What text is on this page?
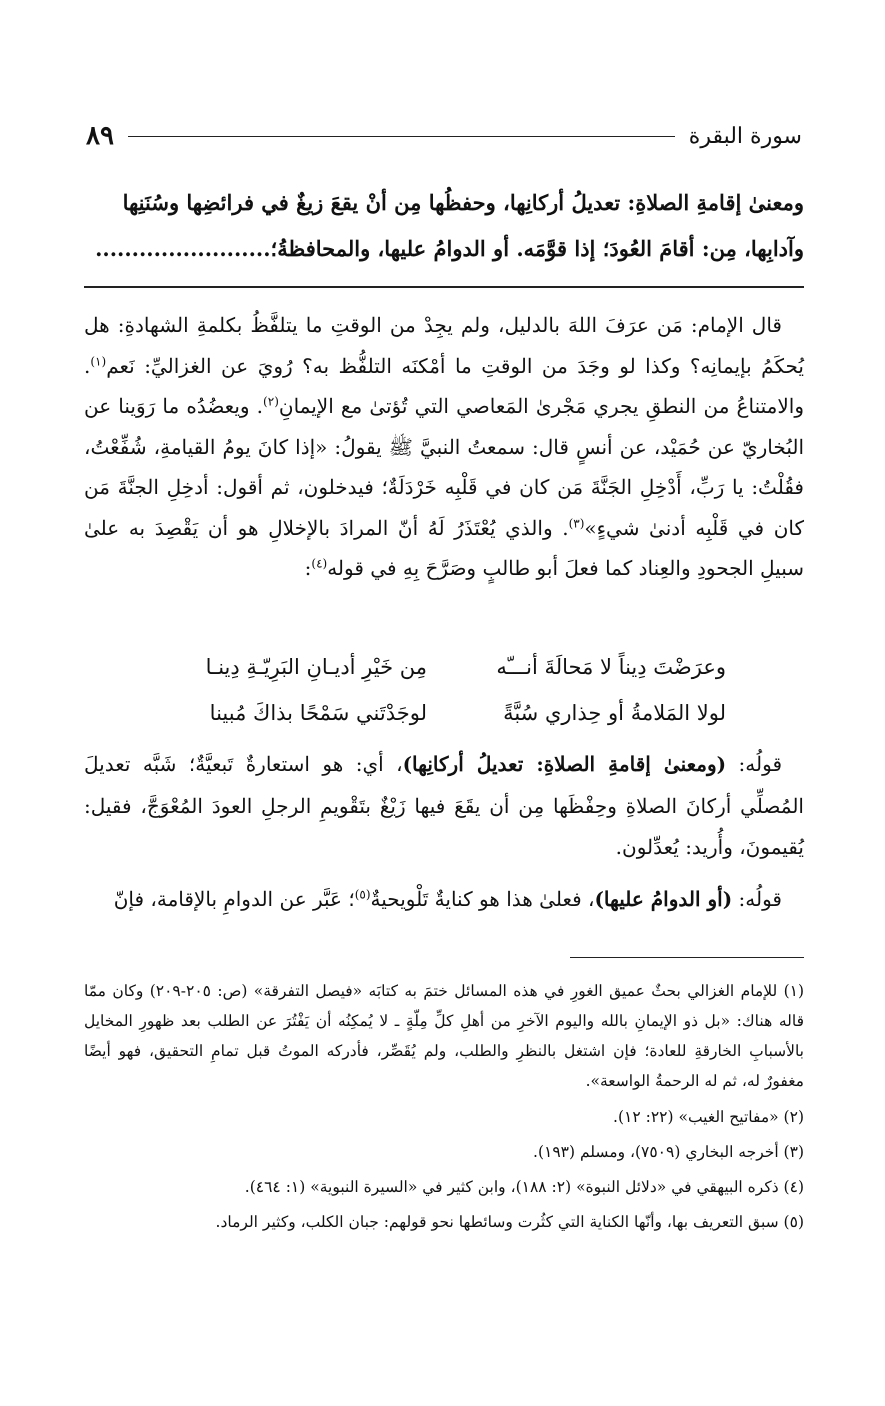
سورة البقرة
٨٩
ومعنىٰ إقامةِ الصلاةِ: تعديلُ أركانِها، وحفظُها مِن أنْ يقعَ زيغٌ في فرائضِها وسُنَنِها
وآدابِها، مِن: أقامَ العُودَ؛ إذا قوَّمَه. أو الدوامُ عليها، والمحافظةُ؛........................

قال الإمام: مَن عرَفَ اللهَ بالدليل، ولم يجِدْ من الوقتِ ما يتلفَّظُ بكلمةِ الشهادةِ: هل يُحكَمُ بإيمانِه؟ وكذا لو وجَدَ من الوقتِ ما أمْكنَه التلفُّظ به؟ رُويَ عن الغزاليِّ: نَعم$^{(١)}$. والامتناعُ من النطقِ يجري مَجْرىٰ المَعاصي التي تُؤتىٰ مع الإيمانِ$^{(٢)}$. ويعضُدُه ما رَوَينا عن البُخاريّ عن حُمَيْد، عن أنسٍ قال: سمعتُ النبيَّ ﷺ يقولُ: «إذا كانَ يومُ القيامةِ، شُفِّعْتُ، فقُلْتُ: يا رَبِّ، أَدْخِلِ الجَنَّةَ مَن كان في قَلْبِه خَرْدَلَةٌ؛ فيدخلون، ثم أقول: أدخِلِ الجنَّةَ مَن كان في قَلْبِه أدنىٰ شيءٍ»$^{(٣)}$. والذي يُعْتَذَرُ لَهُ أنّ المرادَ بالإخلالِ هو أن يَقْصِدَ به علىٰ سبيلِ الجحودِ والعِناد كما فعلَ أبو طالبٍ وصَرَّحَ بِهِ في قوله$^{(٤)}$:

وعرَضْتَ دِيناً لا مَحالَةَ أنـــّه
مِن خَيْرِ أديـانِ البَرِيّـةِ دِينـا
لولا المَلامةُ أو حِذاري سُبَّةً
لوجَدْتَني سَمْحًا بذاكَ مُبينا

قولُه: (ومعنىٰ إقامةِ الصلاةِ: تعديلُ أركانِها)، أي: هو استعارةٌ تَبعيَّةٌ؛ شَبَّه تعديلَ المُصلِّي أركانَ الصلاةِ وحِفْظَها مِن أن يقَعَ فيها زَيْغٌ بتَقْويمِ الرجلِ العودَ المُعْوَجَّ، فقيل: يُقيمونَ، وأُريد: يُعدِّلون.

قولُه: (أو الدوامُ عليها)، فعلىٰ هذا هو كنايةٌ تَلْويحيةٌ$^{(٥)}$؛ عَبَّر عن الدوامِ بالإقامة، فإنّ

(١) للإمام الغزالي بحثٌ عميق الغورِ في هذه المسائل ختمَ به كتابَه «فيصل التفرقة» (ص: ٢٠٥-٢٠٩) وكان ممّا قاله هناك: «بل ذو الإيمانِ بالله واليوم الآخرِ من أهلِ كلِّ مِلّةٍ ـ لا يُمكِنُه أن يَفْتُرَ عن الطلب بعد ظهورِ المخايل بالأسبابِ الخارقةِ للعادة؛ فإن اشتغل بالنظرِ والطلب، ولم يُقَصِّر، فأدركه الموتُ قبل تمامِ التحقيق، فهو أيضًا مغفورٌ له، ثم له الرحمةُ الواسعة».

(٢) «مفاتيح الغيب» (٢٢: ١٢).

(٣) أخرجه البخاري (٧٥٠٩)، ومسلم (١٩٣).

(٤) ذكره البيهقي في «دلائل النبوة» (٢: ١٨٨)، وابن كثير في «السيرة النبوية» (١: ٤٦٤).

(٥) سبق التعريف بها، وأنّها الكناية التي كثُرت وسائطها نحو قولهم: جبان الكلب، وكثير الرماد.
